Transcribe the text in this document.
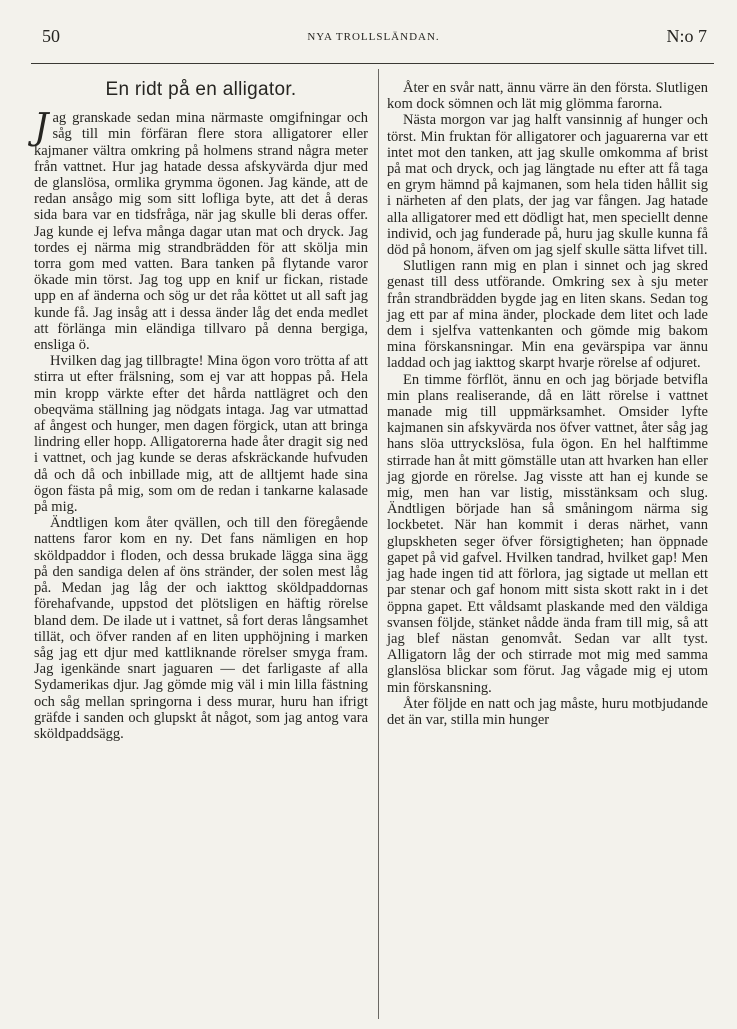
50	NYA TROLLSLÄNDAN.	N:o 7
En ridt på en alligator.

Jag granskade sedan mina närmaste omgifningar och såg till min förfäran flere stora alligatorer eller kajmaner vältra omkring på holmens strand några meter från vattnet. Hur jag hatade dessa afskyvärda djur med de glanslösa, ormlika grymma ögonen. Jag kände, att de redan ansågo mig som sitt lofliga byte, att det å deras sida bara var en tidsfråga, när jag skulle bli deras offer. Jag kunde ej lefva många dagar utan mat och dryck. Jag tordes ej närma mig strandbrädden för att skölja min torra gom med vatten. Bara tanken på flytande varor ökade min törst. Jag tog upp en knif ur fickan, ristade upp en af änderna och sög ur det råa köttet ut all saft jag kunde få. Jag insåg att i dessa änder låg det enda medlet att förlänga min eländiga tillvaro på denna bergiga, ensliga ö.

Hvilken dag jag tillbragte! Mina ögon voro trötta af att stirra ut efter frälsning, som ej var att hoppas på. Hela min kropp värkte efter det hårda nattlägret och den obeqväma ställning jag nödgats intaga. Jag var utmattad af ångest och hunger, men dagen förgick, utan att bringa lindring eller hopp. Alligatorerna hade åter dragit sig ned i vattnet, och jag kunde se deras afskräckande hufvuden då och då och inbillade mig, att de alltjemt hade sina ögon fästa på mig, som om de redan i tankarne kalasade på mig.

Ändtligen kom åter qvällen, och till den föregående nattens faror kom en ny. Det fans nämligen en hop sköldpaddor i floden, och dessa brukade lägga sina ägg på den sandiga delen af öns stränder, der solen mest låg på. Medan jag låg der och iakttog sköldpaddornas förehafvande, uppstod det plötsligen en häftig rörelse bland dem. De ilade ut i vattnet, så fort deras långsamhet tillät, och öfver randen af en liten upphöjning i marken såg jag ett djur med kattliknande rörelser smyga fram. Jag igenkände snart jaguaren — det farligaste af alla Sydamerikas djur. Jag gömde mig väl i min lilla fästning och såg mellan springorna i dess murar, huru han ifrigt gräfde i sanden och glupskt åt något, som jag antog vara sköldpaddsägg.

Åter en svår natt, ännu värre än den första. Slutligen kom dock sömnen och lät mig glömma farorna.

Nästa morgon var jag halft vansinnig af hunger och törst. Min fruktan för alligatorer och jaguarerna var ett intet mot den tanken, att jag skulle omkomma af brist på mat och dryck, och jag längtade nu efter att få taga en grym hämnd på kajmanen, som hela tiden hållit sig i närheten af den plats, der jag var fången. Jag hatade alla alligatorer med ett dödligt hat, men speciellt denne individ, och jag funderade på, huru jag skulle kunna få död på honom, äfven om jag sjelf skulle sätta lifvet till.

Slutligen rann mig en plan i sinnet och jag skred genast till dess utförande. Omkring sex à sju meter från strandbrädden bygde jag en liten skans. Sedan tog jag ett par af mina änder, plockade dem litet och lade dem i sjelfva vattenkanten och gömde mig bakom mina förskansningar. Min ena gevärspipa var ännu laddad och jag iakttog skarpt hvarje rörelse af odjuret.

En timme förflöt, ännu en och jag började betvifla min plans realiserande, då en lätt rörelse i vattnet manade mig till uppmärksamhet. Omsider lyfte kajmanen sin afskyvärda nos öfver vattnet, åter såg jag hans slöa uttryckslösa, fula ögon. En hel halftimme stirrade han åt mitt gömställe utan att hvarken han eller jag gjorde en rörelse. Jag visste att han ej kunde se mig, men han var listig, misstänksam och slug. Ändtligen började han så småningom närma sig lockbetet. När han kommit i deras närhet, vann glupskheten seger öfver försigtigheten; han öppnade gapet på vid gafvel. Hvilken tandrad, hvilket gap! Men jag hade ingen tid att förlora, jag sigtade ut mellan ett par stenar och gaf honom mitt sista skott rakt in i det öppna gapet. Ett våldsamt plaskande med den väldiga svansen följde, stänket nådde ända fram till mig, så att jag blef nästan genomvåt. Sedan var allt tyst. Alligatorn låg der och stirrade mot mig med samma glanslösa blickar som förut. Jag vågade mig ej utom min förskansning.

Åter följde en natt och jag måste, huru motbjudande det än var, stilla min hunger
